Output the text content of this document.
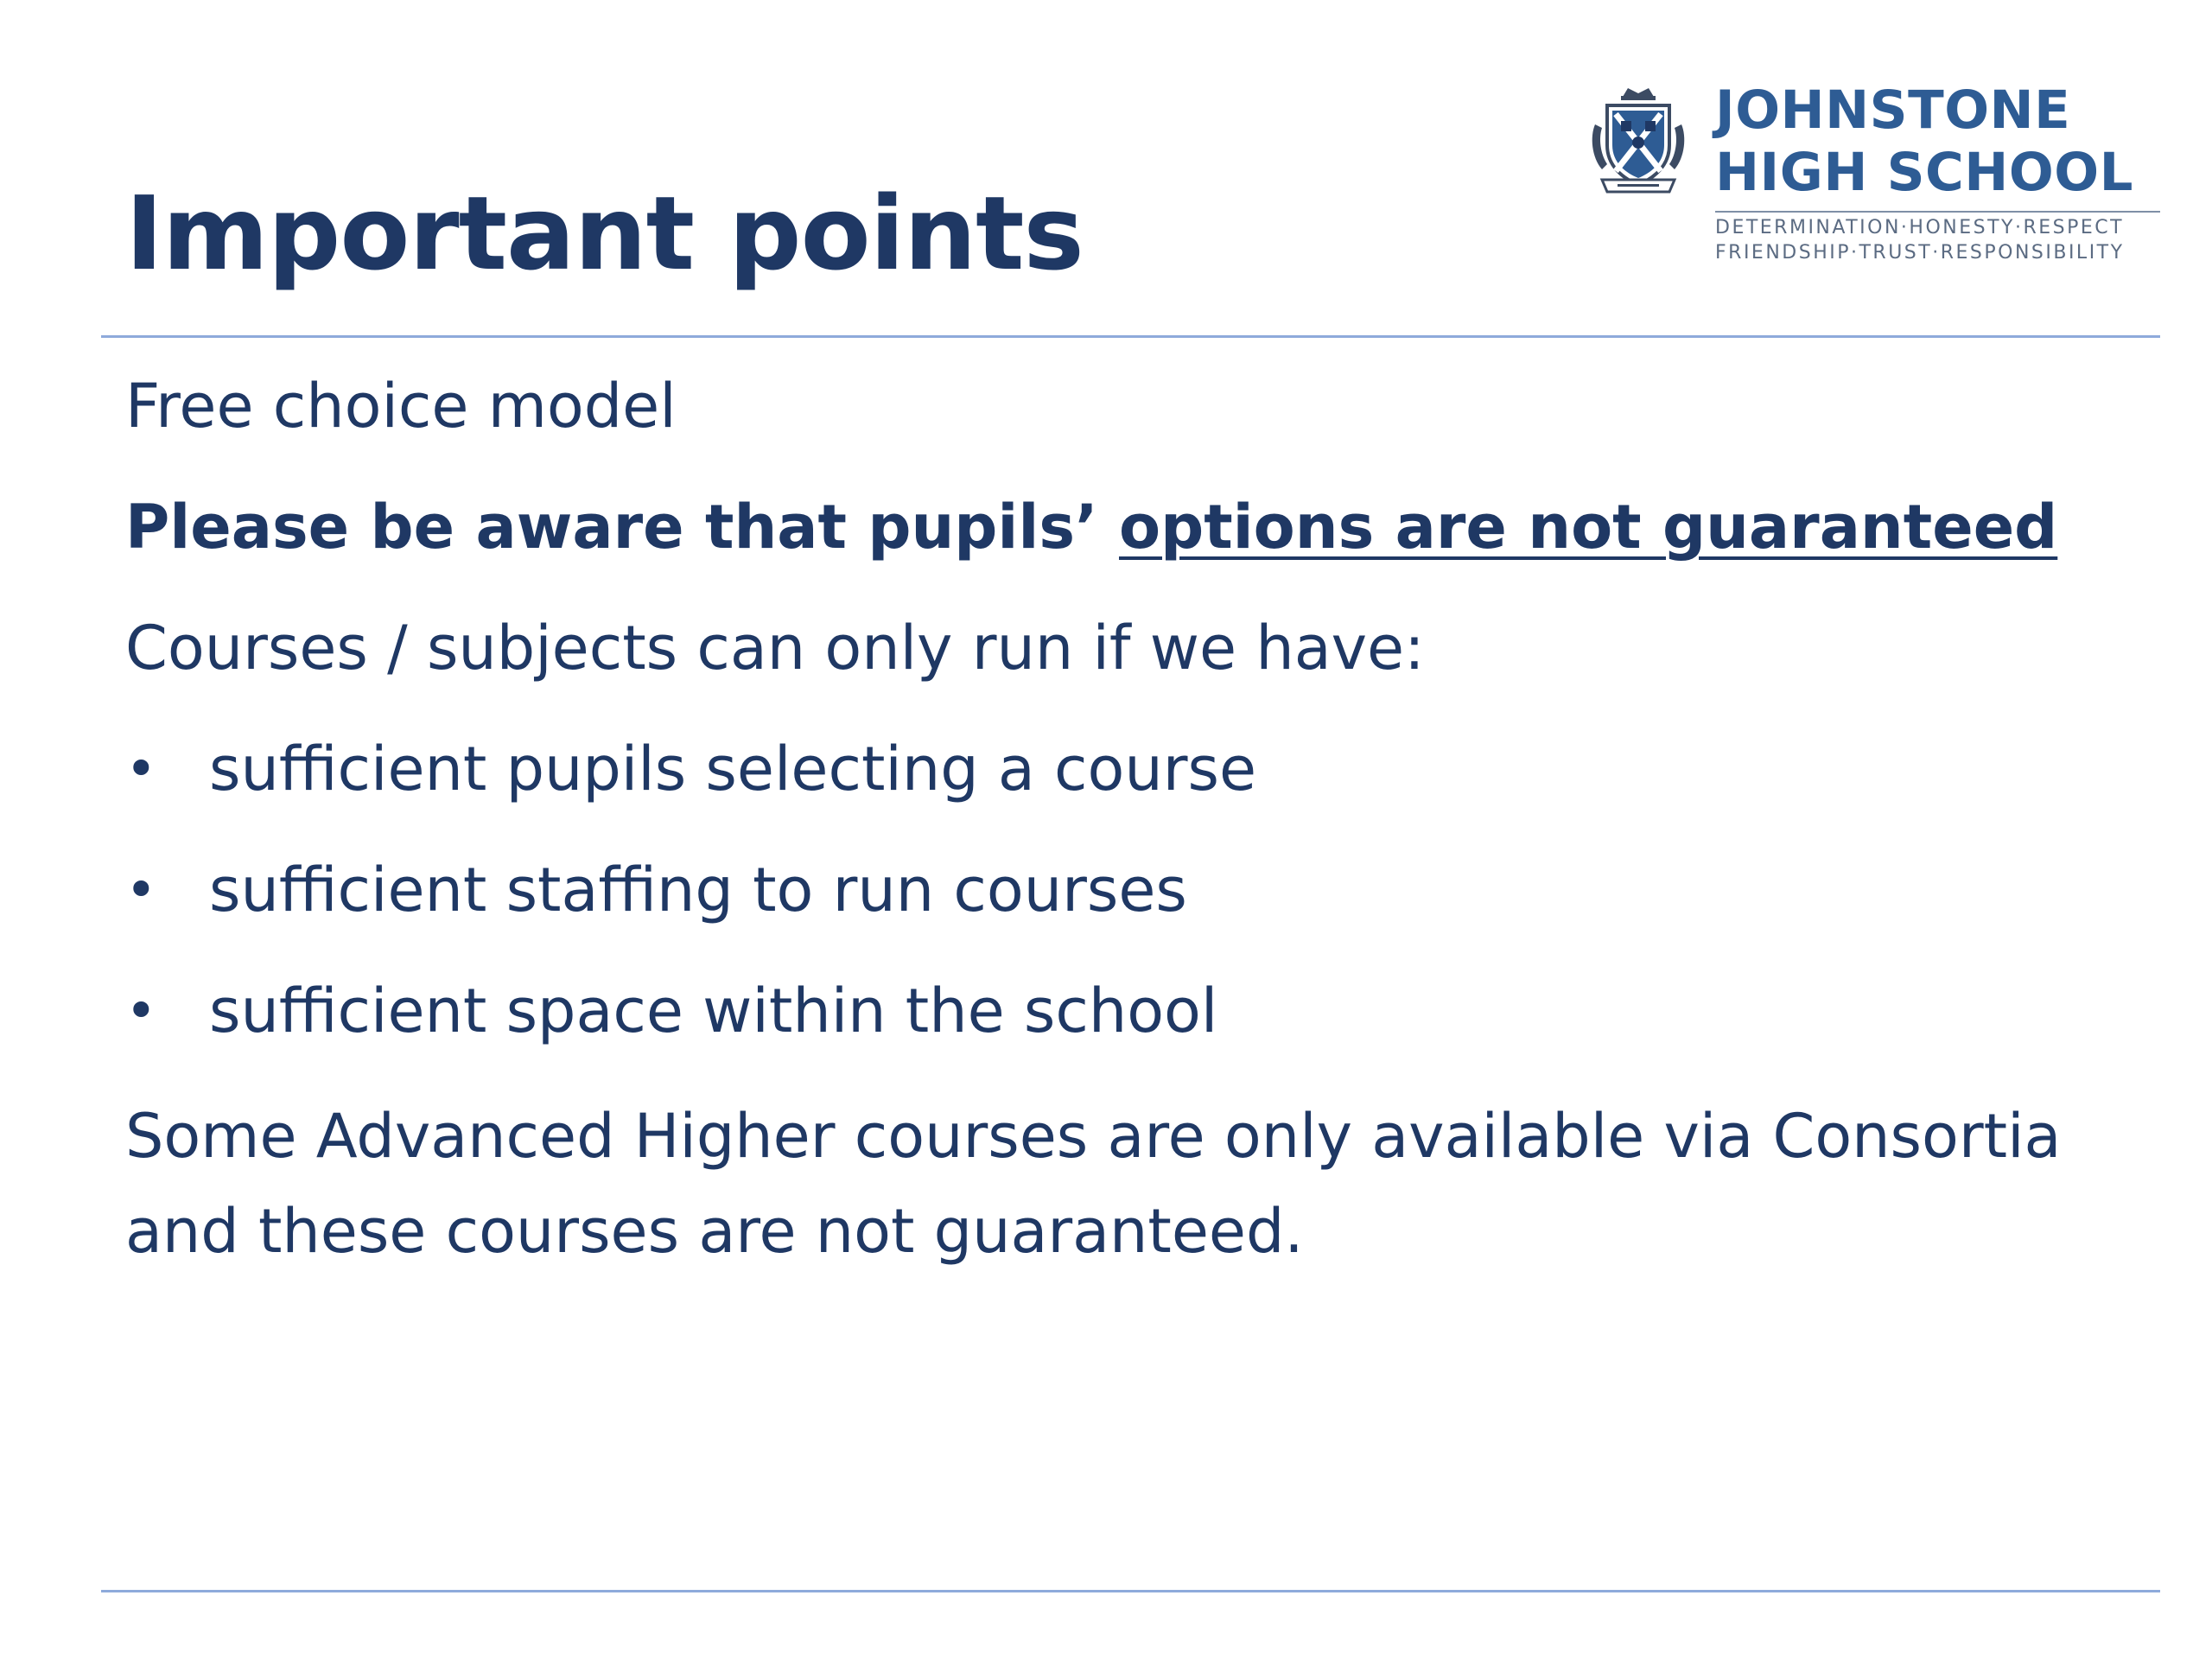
Important points
JOHNSTONE
HIGH SCHOOL
DETERMINATION·HONESTY·RESPECT
FRIENDSHIP·TRUST·RESPONSIBILITY
Free choice model
Please be aware that pupils’ options are not guaranteed
Courses / subjects can only run if we have:
• sufficient pupils selecting a course
• sufficient staffing to run courses
• sufficient space within the school
Some Advanced Higher courses are only available via Consortia and these courses are not guaranteed.
